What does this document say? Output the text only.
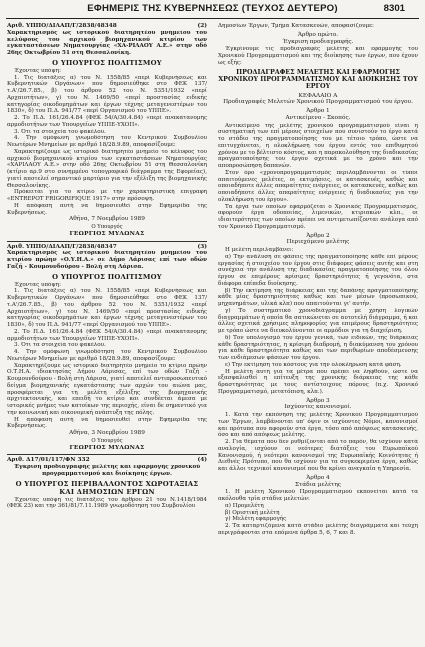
ΕΦΗΜΕΡΙΣ ΤΗΣ ΚΥΒΕΡΝΗΣΕΩΣ (ΤΕΥΧΟΣ ΔΕΥΤΕΡΟ)	8301
Αριθ. ΥΠΠΟ/ΔΙΛΑΠ/Γ/2838/48348	(2)

Χαρακτηρισμός ως ιστορικού διατηρητέου μνημείου του κελύφους του αρχικού βιομηχανικού κτιρίου των εγκαταστάσεων Νηματουργίας «ΧΑ-ΡΙΛΑΟΥ Α.Ε.» στην οδό 26ης Οκτωβρίου 51 στη Θεσσαλονίκη.

Ο ΥΠΟΥΡΓΟΣ ΠΟΛΙΤΙΣΜΟΥ

Έχοντας υπόψη:

1. Τις διατάξεις α) του Ν. 1558/85 «περί Κυβερνήσεως και Κυβερνητικών Οργάνων» που δημοσιεύθηκε στο ΦΕΚ 137/τ.Α'/26.7.85., β) του άρθρου 52 του Ν. 5351/1932 «περί Αρχαιοτήτων», γ) του Ν. 1469/50 «περί προστασίας ειδικής κατηγορίας οικοδομημάτων και έργων τέχνης μεταγενεστέρων του 1830», δ) του Π.Δ. 941/77 «περί Οργανισμού του ΥΠΠΕ».

2. Το Π.Δ. 161/26.4.84 (ΦΕΚ 54/Α/30.4.84) «περί ανακατανομής αρμοδιοτήτων των Υπουργείων ΥΠΠΕ-ΥΧΟΠ».

3. Ότι τα στοιχεία του φακέλου.

4. Την ομόφωνη γνωμοδότηση του Κεντρικού Συμβουλίου Νεωτέρων Μνημείων με αριθμό 18/28.9.89, αποφασίζουμε:

Χαρακτηρίζουμε ως ιστορικό διατηρητέο μνημείο το κέλυφος του αρχικού βιομηχανικού κτιρίου των εγκαταστάσεων Νηματουργίας «ΧΑΡΙΛΑΟΥ Α.Ε.» στην οδό 26ης Οκτωβρίου 51 στη Θεσσαλονίκη (κτίριο αρ.9 στο συνημμένο τοπογραφικό διάγραμμα της Εφορείας), γιατί αποτελεί σημαντικό μαρτύριο για την εξέλιξη της βιομηχανικής Θεσσαλονίκης.

Πρόκειται για το κτίριο με την χαρακτηριστική επιγραφή «ENTREPOT FRIGORIFIQUE 1917» στην πρόσοψη.

Η απόφαση αυτή να δημοσιευθεί στην Εφημερίδα της Κυβερνήσεως.

Αθήνα, 7 Νοεμβρίου 1989
Ο Υπουργός
ΓΕΩΡΓΙΟΣ ΜΥΛΩΝΑΣ
Αριθ. ΥΠΠΟ/ΔΙΛΑΠ/Γ/2838/48347	(3)

Χαρακτηρισμός ως ιστορικού διατηρητέου μνημείου του κτιρίου πρώην «Ο.Υ.Η.Α.» σε Δήμο Λάρισας επί των οδών Γαζή - Κουμουνδούρου - Βολή στη Λάρισα.

Ο ΥΠΟΥΡΓΟΣ ΠΟΛΙΤΙΣΜΟΥ

Έχοντας υπόψη:

1. Τις διατάξεις α) του Ν. 1558/85 «περί Κυβερνήσεως και Κυβερνητικών Οργάνων» που δημοσιεύθηκε στο ΦΕΚ 137/τ.Α'/26.7.85., β) του άρθρου 52 του Ν. 5351/1932 «περί Αρχαιοτήτων», γ) του Ν. 1469/50 «περί προστασίας ειδικής κατηγορίας οικοδομημάτων και έργων τέχνης μεταγενεστέρων του 1830», δ) του Π.Δ. 941/77 «περί Οργανισμού του ΥΠΠΕ».

2. Το Π.Δ. 161/26.4.84 (ΦΕΚ 54/Α/30.4.84) «περί ανακατανομής αρμοδιοτήτων των Υπουργείων ΥΠΠΕ-ΥΧΟΠ».

3. Ότι τα στοιχεία του φακέλου.

4. Την ομόφωνη γνωμοδότηση του Κεντρικού Συμβουλίου Νεωτέρων Μνημείων με αριθμό 18/28.9.89, αποφασίζουμε:

Χαρακτηρίζουμε ως ιστορικό διατηρητέο μνημείο το κτίριο πρώην Ο.Τ.Η.Α. ιδιοκτησίας Δήμου Λάρισας, επί των οδών Γαζή - Κουμουνδούρου - Βολή στη Λάρισα, γιατί αποτελεί αντιπροσωπευτικό δείγμα βιομηχανικής εγκατάστασης των αρχών του αιώνα μας, προσφέρεται για τη μελέτη εξέλιξης της βιομηχανικής αρχιτεκτονικής, και επειδή το κτίριο και συνδέεται άμεσα με ιστορικές μνήμες των κατοίκων της περιοχής, είναι δε σημαντικό για την κοινωνική και οικονομική ανάπτυξη της πόλης.

Η απόφαση αυτή να δημοσιευθεί στην Εφημερίδα της Κυβερνήσεως.

Αθήνα, 3 Νοεμβρίου 1989
Ο Υπουργός
ΓΕΩΡΓΙΟΣ ΜΥΛΩΝΑΣ
Αριθ. Δ17/01/117/ΦΝ 332	(4)

Έγκριση προδιαγραφής μελέτης και εφαρμογής χρονικού προγραμματισμού και διοίκησης έργων.

Ο ΥΠΟΥΡΓΟΣ ΠΕΡΙΒΑΛΛΟΝΤΟΣ ΧΩΡΟΤΑΞΙΑΣ ΚΑΙ ΔΗΜΟΣΙΩΝ ΕΡΓΩΝ

Έχοντας υπόψη τις διατάξεις του άρθρου 21 του Ν.1418/1984 (ΦΕΚ 23) και την 361/81/7.11.1989 γνωμοδότηση του Συμβουλίου

Δημοσίων Έργων, Τμήμα Κατασκευών, αποφασίζουμε:

Άρθρο πρώτο.
Έγκριση προδιαγραφής.

Έγκρίνουμε τις προδιαγραφές μελέτης και εφαρμογής του Χρονικού Προγραμματισμού και της διοίκησης των έργων, που έχουν ως εξής:

ΠΡΟΔΙΑΓΡΑΦΕΣ ΜΕΛΕΤΗΣ ΚΑΙ ΕΦΑΡΜΟΓΗΣ ΧΡΟΝΙΚΟΥ ΠΡΟΓΡΑΜΜΑΤΙΣΜΟΥ ΚΑΙ ΔΙΟΙΚΗΣΗΣ ΤΟΥ ΕΡΓΟΥ
ΚΕΦΑΛΑΙΟ Α
Προδιαγραφές Μελετών Χρονικού Προγραμματισμού του έργου.
Άρθρο 1
Αντικείμενο - Σκοπός.

Αντικείμενο της μελέτης χρονικού προγραμματισμού είναι η συστηματική των επί μέρους στοιχείων που συνιστούν το έργο κατά το στάδιο της πραγματοποίησης του με τέτοιο τρόπο, ώστε να επιτυγχάνεται, η ολοκλήρωση του έργου εντός του επιθυμητού χρόνου με το βέλτιστο κόστος, και η παρακολούθηση της διαδικασίας πραγματοποίησης του έργου σχετικά με το χρόνο και την αποπροσώπηση δαπανών.

Στον όρο «χρονοπρογραμματισμός περιλαμβάνονται οι τύποι απαιτούμενες μελέτες, οι εκτιμήσεις, οι κατασκευές, καθώς και οποιαδήποτε άλλες απαραίτητες ενέργειες, οι κατασκευές, καθώς και οποιαδήποτε άλλες απαραίτητες ενέργειες ή διαδικασίες για την ολοκλήρωση του έργου».

Τα έργα των οποίων εφαρμόζεται ο Χρονικός Προγραμματισμός, αφορούν έργα οδοποιίας, λιμενικών, κτιριακών κλπ., οι ιδιαιτερότητες των οποίων πρέπει να αντιμετωπίζονται ανάλογα από τον Χρονικό Προγραμματισμό.

Άρθρο 2
Περιεχόμενο μελέτης

Η μελέτη περιλαμβάνει:

α) Την ανάλυση σε φάσεις της πραγματοποίησης κάθε επί μέρους εργασίας ή στοιχείου του έργου στις διάφορες φάσεις αυτής και στη συνέχεια την ανάλυση της διαδικασίας πραγματοποίησης του όλου έργου σε επιμέρους κρίσιμες δραστηριότητες ή γεγονότα, στα διάφορα επίπεδα διοίκησης.

β) Την εκτίμηση της διάρκειας και της δαπάνης πραγματοποίησης κάθε μίας δραστηριότητας καθώς και των μέσων (προσωπικού, μηχανημάτων, υλικά κλπ) που απαιτούνται γι' αυτήν.

γ) Το συστηματικό χρονοδιάγραμμα με χρήση λογικών διαγραμμάτων ή οποία θα σατικώνεται σε αυτοτελή διάγραμμα, ή και άλλες σχετικά χρήσιμες πληροφορίες για επιμέρους δραστηριότητες με τρόπο ώστε να διευκολύνονται οι αρμόδιοι για τη διαχείριση.

δ) Τον υπολογισμό του έργου γενικά, των ειδικών, της διάρκειας κάθε δραστηριότητας, η κρίσιμη διαδρομή, η διακύμανση του χρόνου για κάθε δραστηριότητα καθώς και των περιθωρίων αποδέσμευσης των ενδιάμεσων φάσεων του έργου.

ε) Την εκτίμηση του κόστους για την ολοκλήρωση κατά φάση.

Η μελέτη αυτή για τα μέτρα που πρέπει να ληφθούν, ώστε να εξασφαλισθεί η επίτευξη της χρονικής διάρκειας της κάθε δραστηριότητας με τους αντίστοιχους πόρους (π.χ. Χρονικό Προγραμματισμό, μετατόπιση, κλπ.).

Άρθρο 3
Ισχύοντες κανονισμοί.

1. Κατά την εκπόνηση της μελέτης Χρονικού Προγραμματισμού των Έργων, λαμβάνονται υπ' όψιν οι ισχύοντες Νόμοι, κανονισμοί και πρότυπα που αφορούν στα έργα, τόσο από απόψεως κατασκευής, όσο και από απόψεως μελέτης.

2. Για θέματα που δεν ρυθμίζονται από το παρόν, θα ισχύουν κατά αναλογία, ισχύουν οι νεότερες διατάξεις του Ευρωπαϊκού Κανονισμού, ή νεότεροι κανονισμοί της Ευρωπαϊκής Κοινότητας ή Διεθνές Πρότυπο, που θα ισχύουν για τα συγκεκριμένα έργα, καθώς και άλλοι τεχνικοί κανονισμοί που θα κρίνει αναγκαία η Υπηρεσία.

Άρθρο 4
Στάδια μελέτης

1. Η μελέτη Χρονικού Προγραμματισμού εκπονείται κατά τα ακόλουθα τρία στάδια μελετών:

α) Προμελέτη

β) Οριστική μελέτη

γ) Μελέτη εφαρμογής

2. Τα καταρτιζόμενα κατά στάδιο μελέτης διαγράμματα και τεύχη περιγράφονται στα επόμενα άρθρα 5, 6, 7 και 8.
